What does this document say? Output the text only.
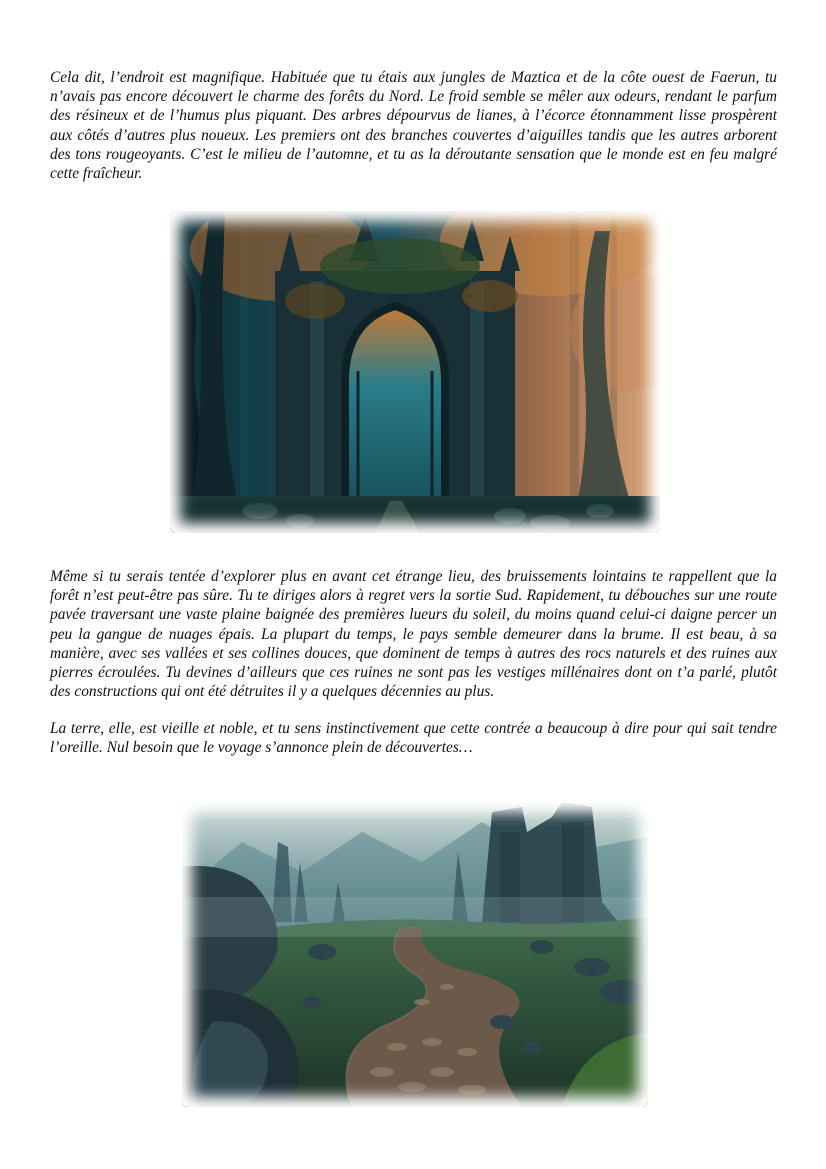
Cela dit, l’endroit est magnifique. Habituée que tu étais aux jungles de Maztica et de la côte ouest de Faerun, tu n’avais pas encore découvert le charme des forêts du Nord. Le froid semble se mêler aux odeurs, rendant le parfum des résineux et de l’humus plus piquant. Des arbres dépourvus de lianes, à l’écorce étonnamment lisse prospèrent aux côtés d’autres plus noueux. Les premiers ont des branches couvertes d’aiguilles tandis que les autres arborent des tons rougeoyants. C’est le milieu de l’automne, et tu as la déroutante sensation que le monde est en feu malgré cette fraîcheur.

Même si tu serais tentée d’explorer plus en avant cet étrange lieu, des bruissements lointains te rappellent que la forêt n’est peut-être pas sûre. Tu te diriges alors à regret vers la sortie Sud. Rapidement, tu débouches sur une route pavée traversant une vaste plaine baignée des premières lueurs du soleil, du moins quand celui-ci daigne percer un peu la gangue de nuages épais. La plupart du temps, le pays semble demeurer dans la brume. Il est beau, à sa manière, avec ses vallées et ses collines douces, que dominent de temps à autres des rocs naturels et des ruines aux pierres écroulées. Tu devines d’ailleurs que ces ruines ne sont pas les vestiges millénaires dont on t’a parlé, plutôt des constructions qui ont été détruites il y a quelques décennies au plus.

La terre, elle, est vieille et noble, et tu sens instinctivement que cette contrée a beaucoup à dire pour qui sait tendre l’oreille. Nul besoin que le voyage s’annonce plein de découvertes…
